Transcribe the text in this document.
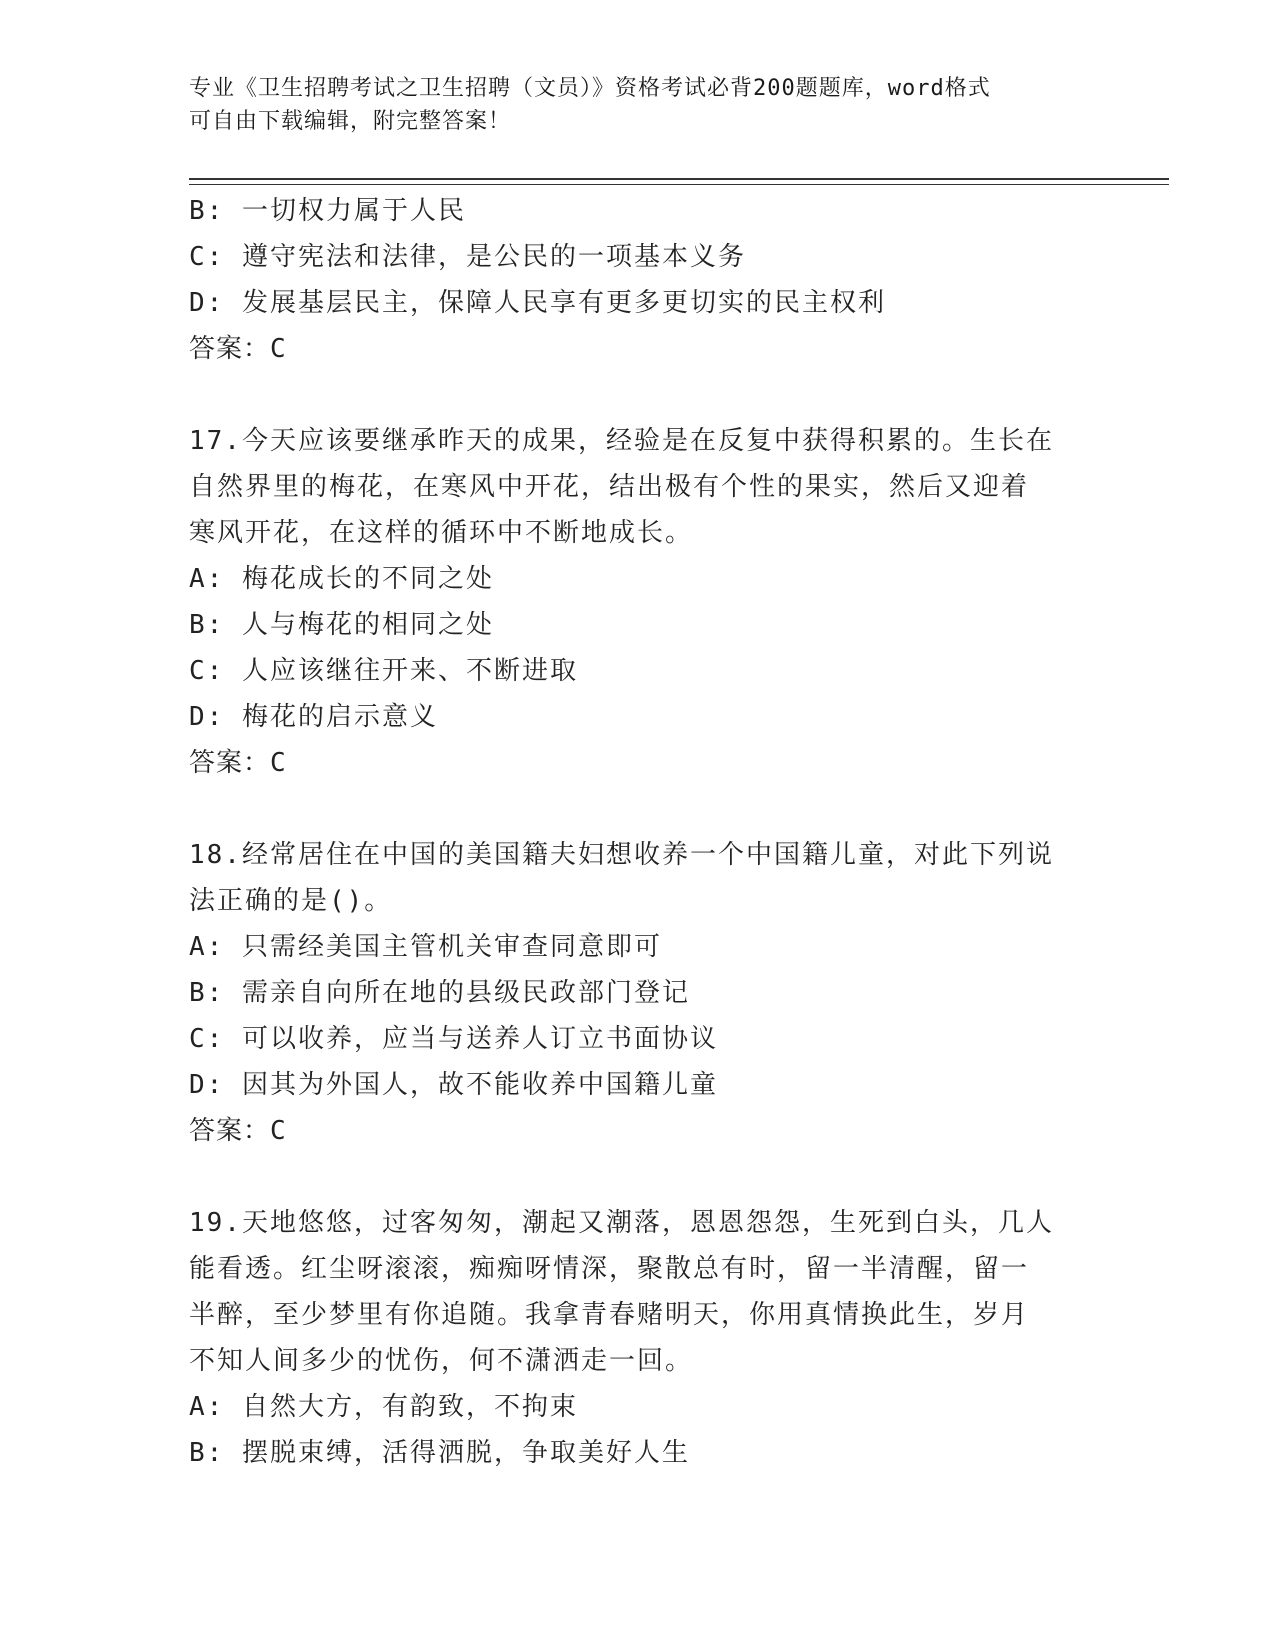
专业《卫生招聘考试之卫生招聘（文员）》资格考试必背200题题库，word格式
可自由下载编辑，附完整答案！
B: 一切权力属于人民
C: 遵守宪法和法律，是公民的一项基本义务
D: 发展基层民主，保障人民享有更多更切实的民主权利
答案：C
17.今天应该要继承昨天的成果，经验是在反复中获得积累的。生长在
自然界里的梅花，在寒风中开花，结出极有个性的果实，然后又迎着
寒风开花，在这样的循环中不断地成长。
A: 梅花成长的不同之处
B: 人与梅花的相同之处
C: 人应该继往开来、不断进取
D: 梅花的启示意义
答案：C
18.经常居住在中国的美国籍夫妇想收养一个中国籍儿童，对此下列说
法正确的是()。
A: 只需经美国主管机关审查同意即可
B: 需亲自向所在地的县级民政部门登记
C: 可以收养，应当与送养人订立书面协议
D: 因其为外国人，故不能收养中国籍儿童
答案：C
19.天地悠悠，过客匆匆，潮起又潮落，恩恩怨怨，生死到白头，几人
能看透。红尘呀滚滚，痴痴呀情深，聚散总有时，留一半清醒，留一
半醉，至少梦里有你追随。我拿青春赌明天，你用真情换此生，岁月
不知人间多少的忧伤，何不潇洒走一回。
A: 自然大方，有韵致，不拘束
B: 摆脱束缚，活得洒脱，争取美好人生
